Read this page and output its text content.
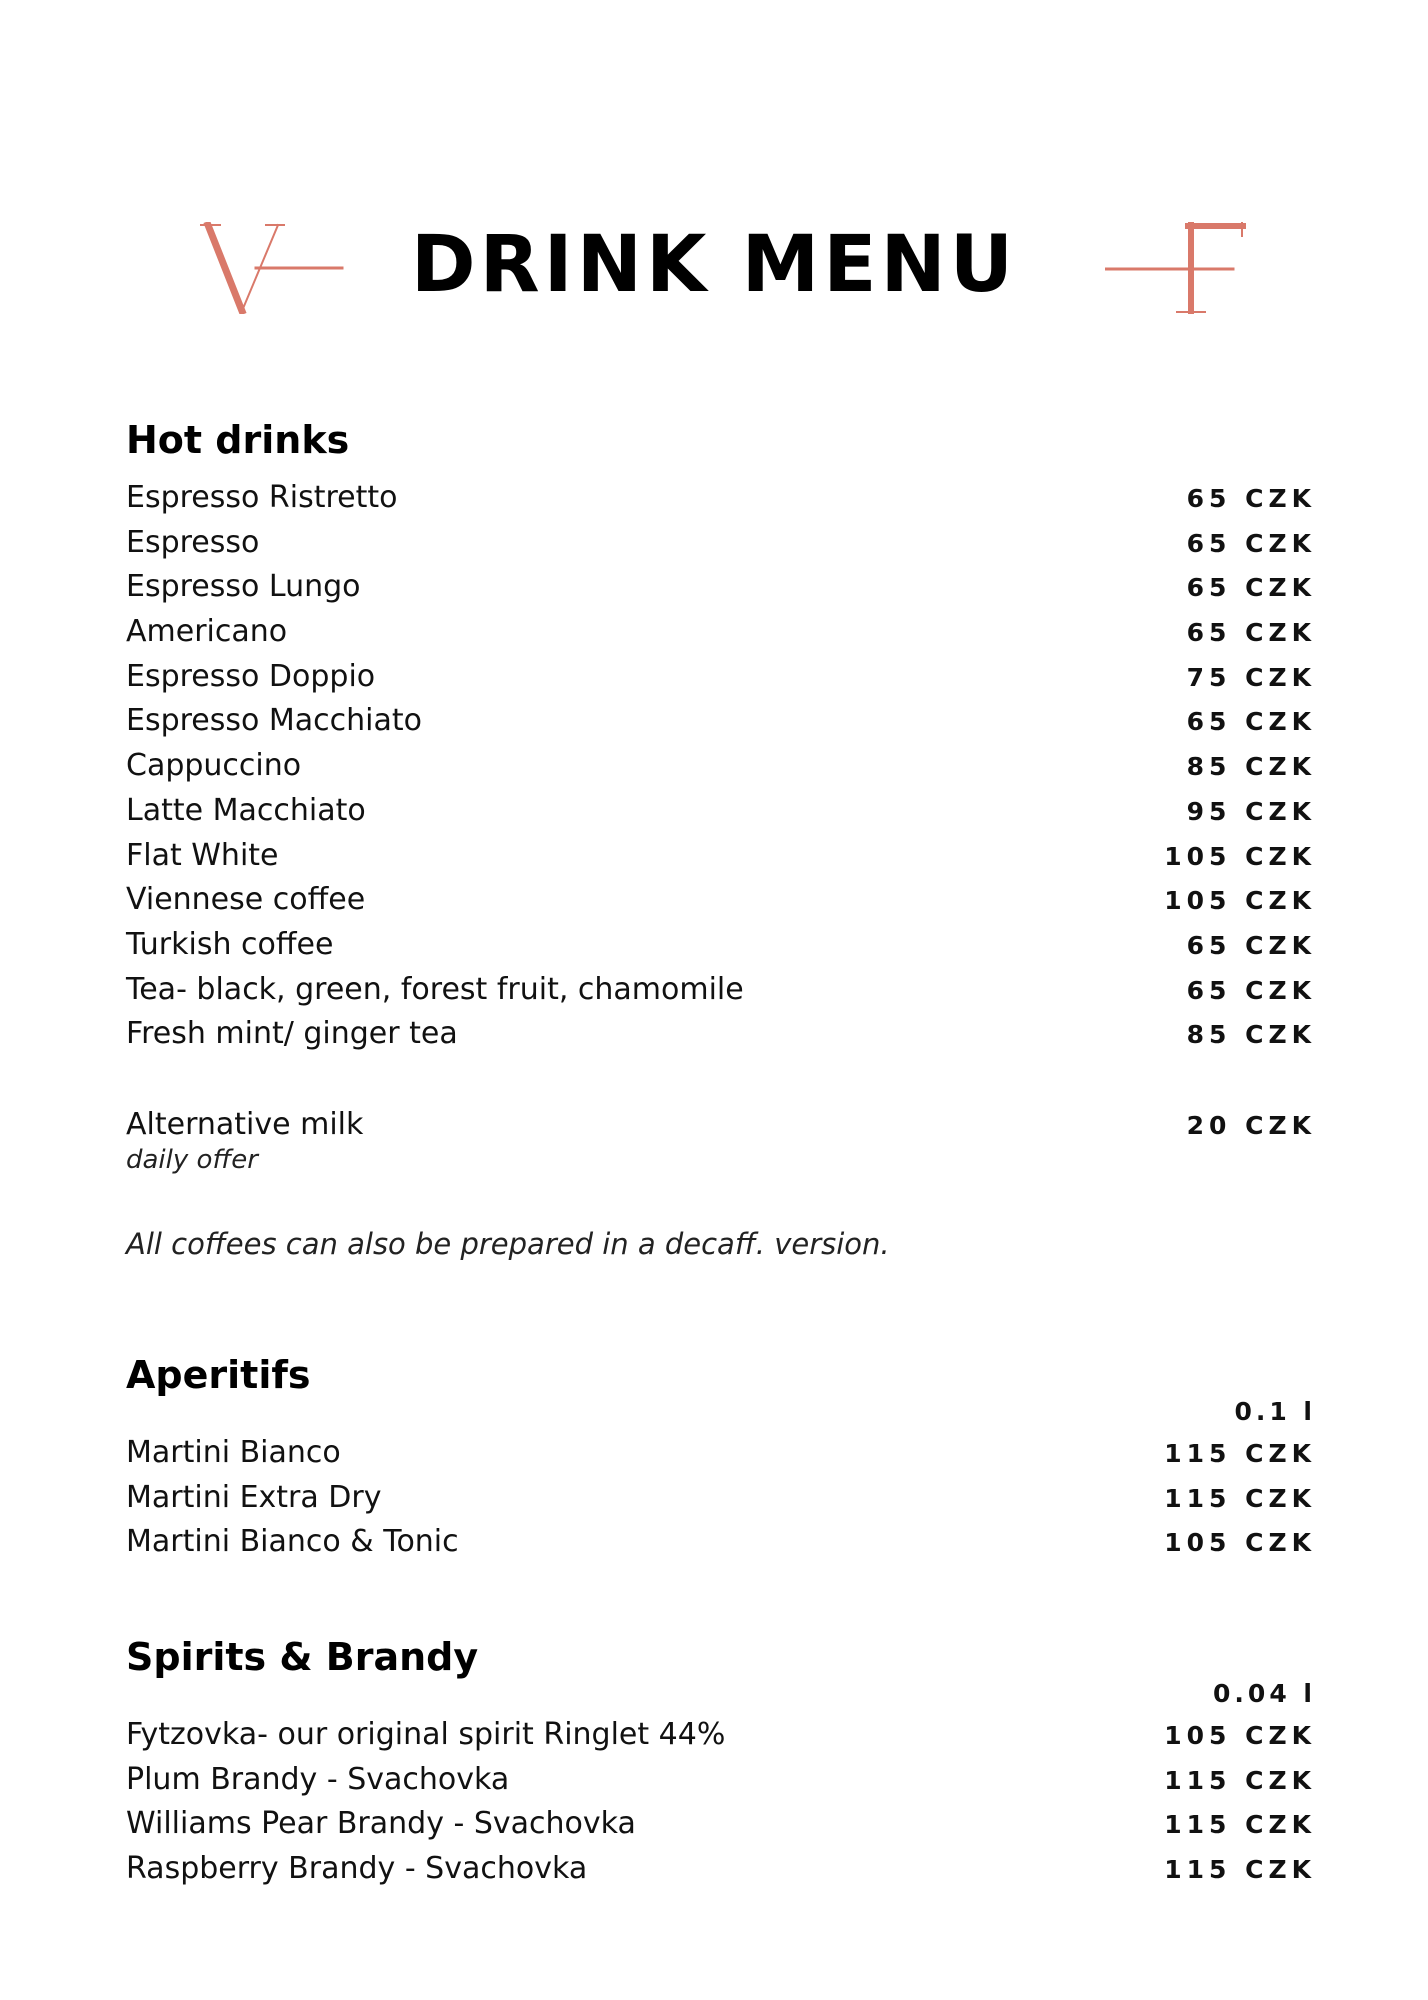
DRINK MENU
Hot drinks
Espresso Ristretto	65 CZK
Espresso	65 CZK
Espresso Lungo	65 CZK
Americano	65 CZK
Espresso Doppio	75 CZK
Espresso Macchiato	65 CZK
Cappuccino	85 CZK
Latte Macchiato	95 CZK
Flat White	105 CZK
Viennese coffee	105 CZK
Turkish coffee	65 CZK
Tea- black, green, forest fruit, chamomile	65 CZK
Fresh mint/ ginger tea	85 CZK
Alternative milk	20 CZK
daily offer
All coffees can also be prepared in a decaff. version.
Aperitifs
0.1 l
Martini Bianco	115 CZK
Martini Extra Dry	115 CZK
Martini Bianco & Tonic	105 CZK
Spirits & Brandy
0.04 l
Fytzovka- our original spirit Ringlet 44%	105 CZK
Plum Brandy - Svachovka	115 CZK
Williams Pear Brandy - Svachovka	115 CZK
Raspberry Brandy - Svachovka	115 CZK
